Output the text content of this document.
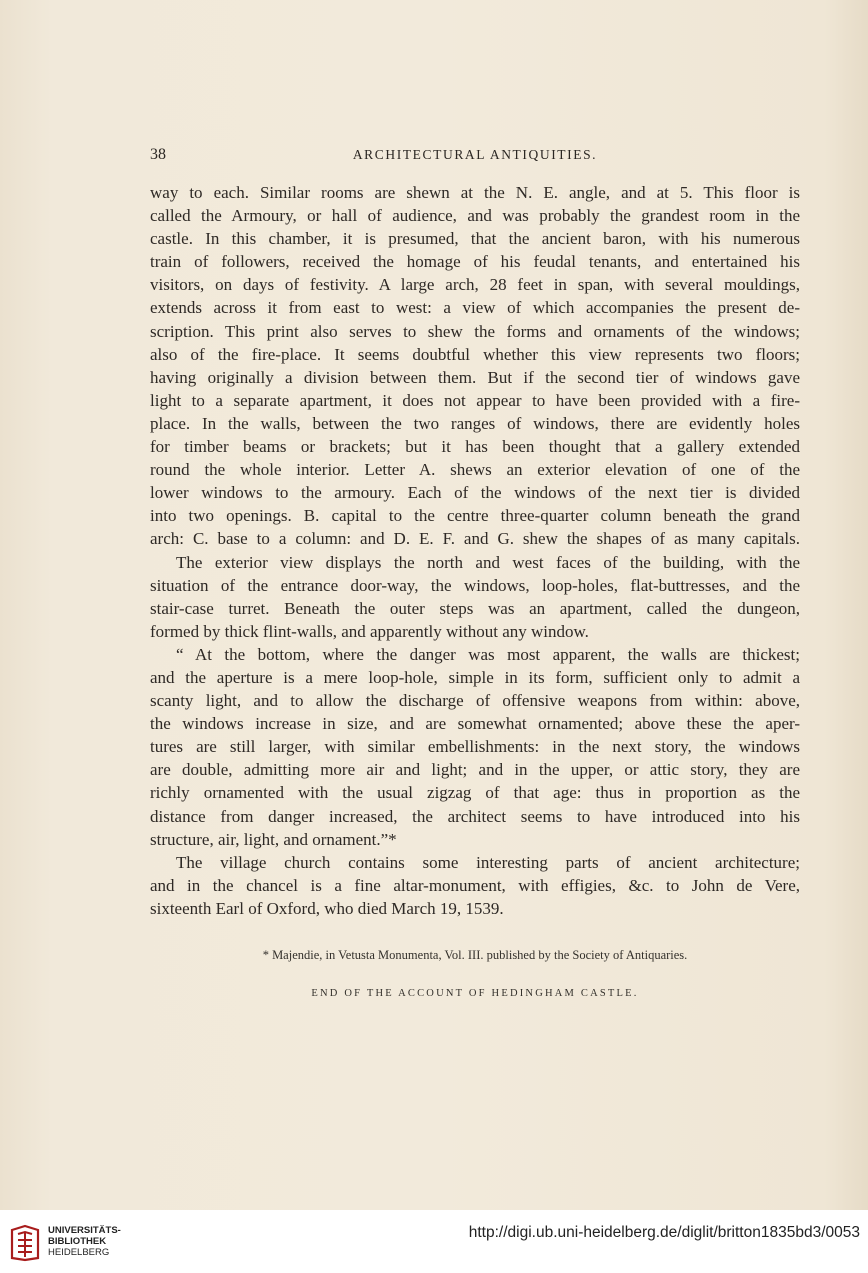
38	ARCHITECTURAL ANTIQUITIES.
way to each. Similar rooms are shewn at the N. E. angle, and at 5. This floor is
called the Armoury, or hall of audience, and was probably the grandest room in the
castle. In this chamber, it is presumed, that the ancient baron, with his numerous
train of followers, received the homage of his feudal tenants, and entertained his
visitors, on days of festivity. A large arch, 28 feet in span, with several mouldings,
extends across it from east to west: a view of which accompanies the present de-
scription. This print also serves to shew the forms and ornaments of the windows;
also of the fire-place. It seems doubtful whether this view represents two floors;
having originally a division between them. But if the second tier of windows gave
light to a separate apartment, it does not appear to have been provided with a fire-
place. In the walls, between the two ranges of windows, there are evidently holes
for timber beams or brackets; but it has been thought that a gallery extended
round the whole interior. Letter A. shews an exterior elevation of one of the
lower windows to the armoury. Each of the windows of the next tier is divided
into two openings. B. capital to the centre three-quarter column beneath the grand
arch: C. base to a column: and D. E. F. and G. shew the shapes of as many capitals.
The exterior view displays the north and west faces of the building, with the
situation of the entrance door-way, the windows, loop-holes, flat-buttresses, and the
stair-case turret. Beneath the outer steps was an apartment, called the dungeon,
formed by thick flint-walls, and apparently without any window.
“ At the bottom, where the danger was most apparent, the walls are thickest;
and the aperture is a mere loop-hole, simple in its form, sufficient only to admit a
scanty light, and to allow the discharge of offensive weapons from within: above,
the windows increase in size, and are somewhat ornamented; above these the aper-
tures are still larger, with similar embellishments: in the next story, the windows
are double, admitting more air and light; and in the upper, or attic story, they are
richly ornamented with the usual zigzag of that age: thus in proportion as the
distance from danger increased, the architect seems to have introduced into his
structure, air, light, and ornament.”*
The village church contains some interesting parts of ancient architecture;
and in the chancel is a fine altar-monument, with effigies, &c. to John de Vere,
sixteenth Earl of Oxford, who died March 19, 1539.
* Majendie, in Vetusta Monumenta, Vol. III. published by the Society of Antiquaries.
END OF THE ACCOUNT OF HEDINGHAM CASTLE.
UNIVERSITÄTS-
BIBLIOTHEK
HEIDELBERG
http://digi.ub.uni-heidelberg.de/diglit/britton1835bd3/0053
